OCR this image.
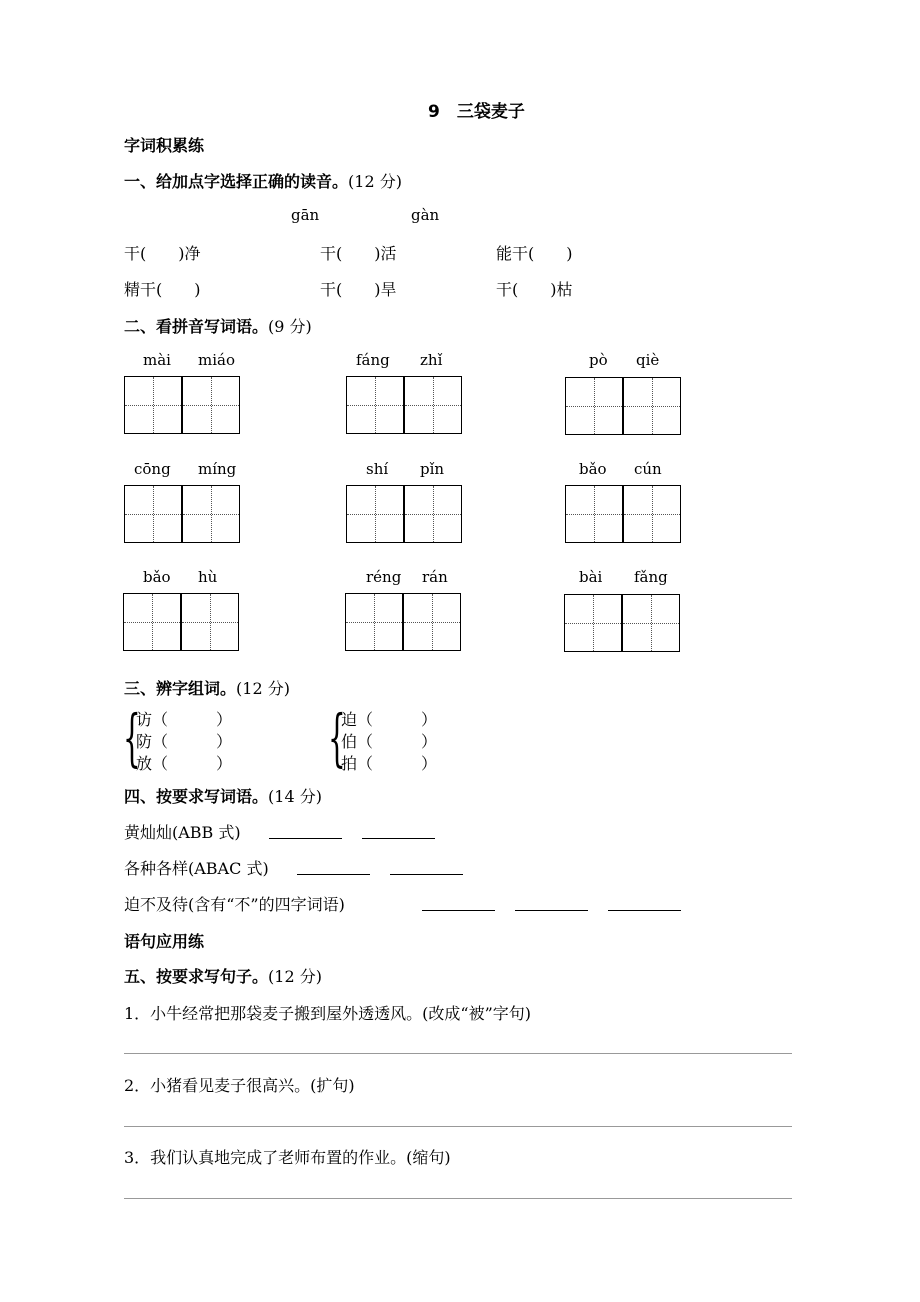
9　三袋麦子
字词积累练
一、给加点字选择正确的读音。(12 分)
gān	gàn
干(　　)净	干(　　)活	能干(　　)
精干(　　)	干(　　)旱	干(　　)枯
二、看拼音写词语。(9 分)
mài miáo	fáng zhǐ	pò qiè
cōng míng	shí pǐn	bǎo cún
bǎo hù	réng rán	bài fǎng
三、辨字组词。(12 分)
{
访（　　　）
防（　　　）
放（　　　） {
迫（　　　）
伯（　　　）
拍（　　　）
四、按要求写词语。(14 分)
黄灿灿(ABB 式)
各种各样(ABAC 式)
迫不及待(含有“不”的四字词语)
语句应用练
五、按要求写句子。(12 分)
1．小牛经常把那袋麦子搬到屋外透透风。(改成“被”字句)
2．小猪看见麦子很高兴。(扩句)
3．我们认真地完成了老师布置的作业。(缩句)
